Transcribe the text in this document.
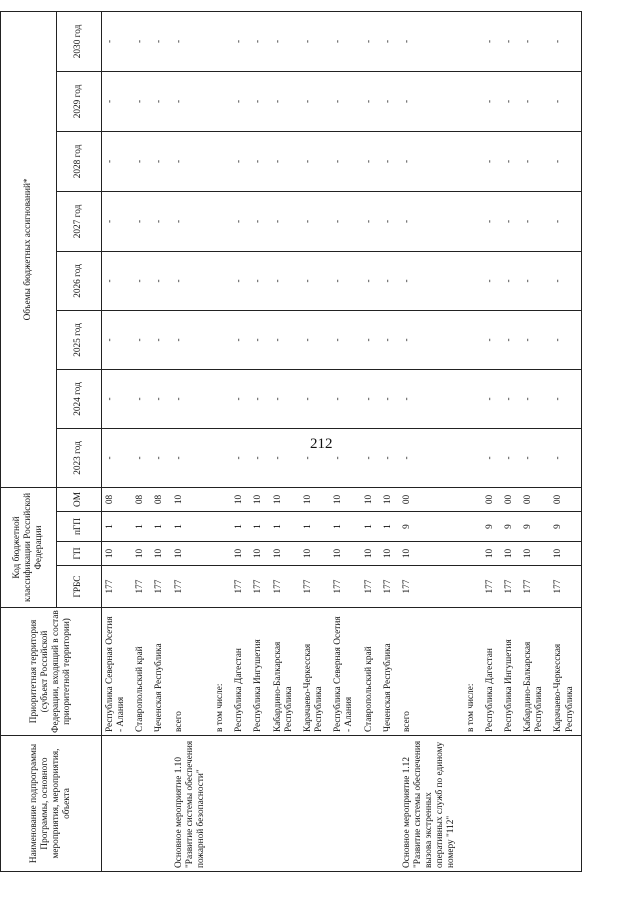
212
Наименование подпрограммы Программы, основного мероприятия, мероприятия, объекта	Приоритетная территория (субъект Российской Федерации, входящий в состав приоритетной территории)	Код бюджетной классификации Российской Федерации				Объемы бюджетных ассигнований*							
		ГРБС	ГП	пГП	ОМ	2023 год	2024 год	2025 год	2026 год	2027 год	2028 год	2029 год	2030 год
	Республика Северная Осетия - Алания	177	10	1	08	-	-	-	-	-	-	-	-
	Ставропольский край	177	10	1	08	-	-	-	-	-	-	-	-
	Чеченская Республика	177	10	1	08	-	-	-	-	-	-	-	-
Основное мероприятие 1.10 "Развитие системы обеспечения пожарной безопасности"	всего	177	10	1	10	-	-	-	-	-	-	-	-
	в том числе:												
	Республика Дагестан	177	10	1	10	-	-	-	-	-	-	-	-
	Республика Ингушетия	177	10	1	10	-	-	-	-	-	-	-	-
	Кабардино-Балкарская Республика	177	10	1	10	-	-	-	-	-	-	-	-
	Карачаево-Черкесская Республика	177	10	1	10	-	-	-	-	-	-	-	-
	Республика Северная Осетия - Алания	177	10	1	10	-	-	-	-	-	-	-	-
	Ставропольский край	177	10	1	10	-	-	-	-	-	-	-	-
	Чеченская Республика	177	10	1	10	-	-	-	-	-	-	-	-
Основное мероприятие 1.12 "Развитие системы обеспечения вызова экстренных оперативных служб по единому номеру "112"	всего	177	10	9	00	-	-	-	-	-	-	-	-
	в том числе:												
	Республика Дагестан	177	10	9	00	-	-	-	-	-	-	-	-
	Республика Ингушетия	177	10	9	00	-	-	-	-	-	-	-	-
	Кабардино-Балкарская Республика	177	10	9	00	-	-	-	-	-	-	-	-
	Карачаево-Черкесская Республика	177	10	9	00	-	-	-	-	-	-	-	-
